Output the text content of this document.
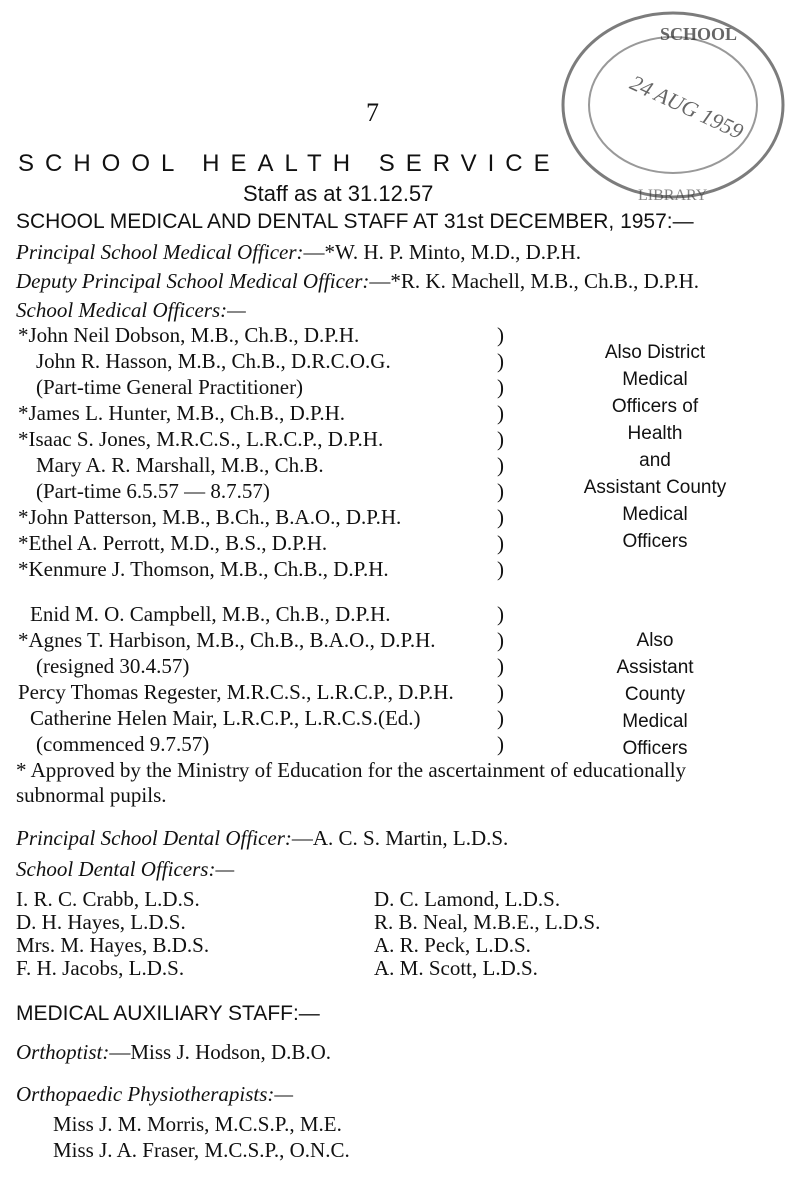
SCHOOL
24 AUG 1959
LIBRARY
7
SCHOOL HEALTH SERVICE
Staff as at 31.12.57
SCHOOL MEDICAL AND DENTAL STAFF AT 31st DECEMBER, 1957:—
Principal School Medical Officer:—*W. H. P. Minto, M.D., D.P.H.
Deputy Principal School Medical Officer:—*R. K. Machell, M.B., Ch.B., D.P.H.
School Medical Officers:—
*John Neil Dobson, M.B., Ch.B., D.P.H.
John R. Hasson, M.B., Ch.B., D.R.C.O.G.
(Part-time General Practitioner)
*James L. Hunter, M.B., Ch.B., D.P.H.
*Isaac S. Jones, M.R.C.S., L.R.C.P., D.P.H.
Mary A. R. Marshall, M.B., Ch.B.
(Part-time 6.5.57 — 8.7.57)
*John Patterson, M.B., B.Ch., B.A.O., D.P.H.
*Ethel A. Perrott, M.D., B.S., D.P.H.
*Kenmure J. Thomson, M.B., Ch.B., D.P.H.
)
)
)
)
)
)
)
)
)
)
Also District
Medical
Officers of
Health
and
Assistant County
Medical
Officers
Enid M. O. Campbell, M.B., Ch.B., D.P.H.
*Agnes T. Harbison, M.B., Ch.B., B.A.O., D.P.H.
(resigned 30.4.57)
Percy Thomas Regester, M.R.C.S., L.R.C.P., D.P.H.
Catherine Helen Mair, L.R.C.P., L.R.C.S.(Ed.)
(commenced 9.7.57)
)
)
)
)
)
)
Also
Assistant
County
Medical
Officers
* Approved by the Ministry of Education for the ascertainment of educationally
subnormal pupils.
Principal School Dental Officer:—A. C. S. Martin, L.D.S.
School Dental Officers:—
I. R. C. Crabb, L.D.S.
D. H. Hayes, L.D.S.
Mrs. M. Hayes, B.D.S.
F. H. Jacobs, L.D.S.
D. C. Lamond, L.D.S.
R. B. Neal, M.B.E., L.D.S.
A. R. Peck, L.D.S.
A. M. Scott, L.D.S.
MEDICAL AUXILIARY STAFF:—
Orthoptist:—Miss J. Hodson, D.B.O.
Orthopaedic Physiotherapists:—
Miss J. M. Morris, M.C.S.P., M.E.
Miss J. A. Fraser, M.C.S.P., O.N.C.
